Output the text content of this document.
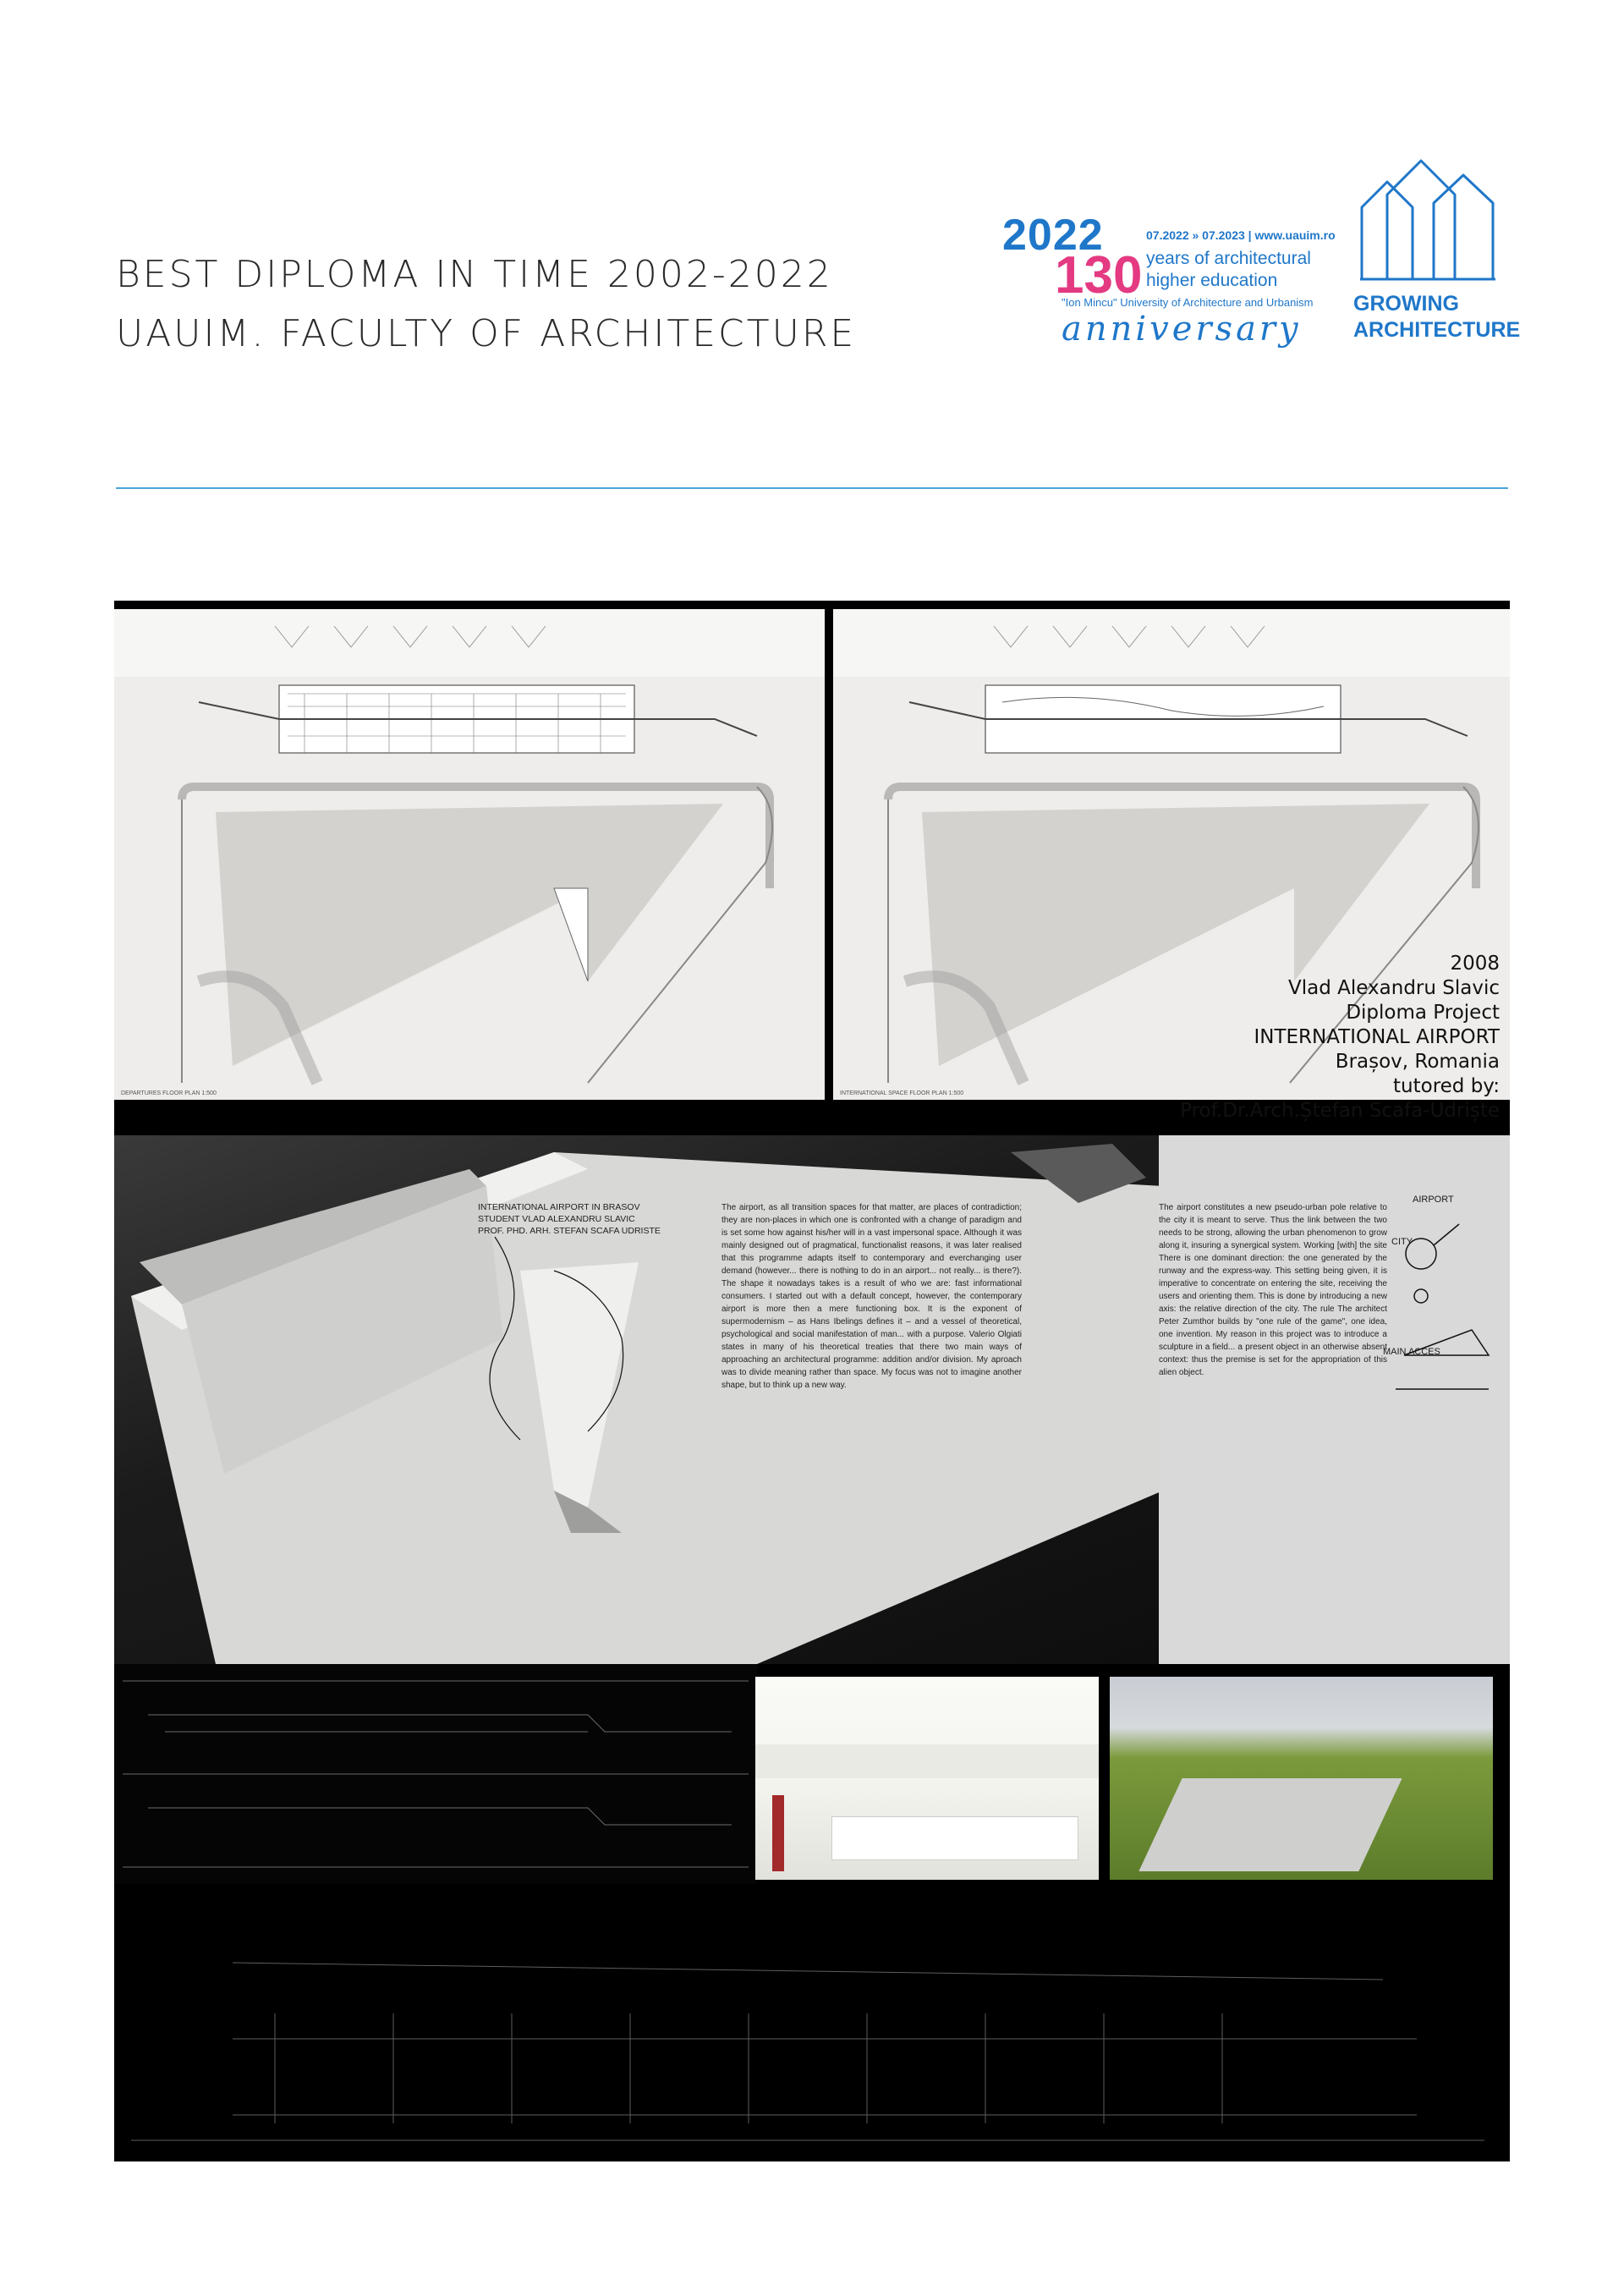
BEST DIPLOMA IN TIME 2002-2022
UAUIM. FACULTY OF ARCHITECTURE
2022
130
07.2022 » 07.2023 | www.uauim.ro
years of architectural
higher education
"Ion Mincu" University of Architecture and Urbanism
anniversary
GROWING
ARCHITECTURE
DEPARTURES FLOOR PLAN 1:500	INTERNATIONAL SPACE FLOOR PLAN 1:500
2008
Vlad Alexandru Slavic
Diploma Project
INTERNATIONAL AIRPORT
Brașov, Romania
tutored by:
Prof.Dr.Arch.Ștefan Scafa-Udriște
INTERNATIONAL AIRPORT IN BRASOV
STUDENT VLAD ALEXANDRU SLAVIC
PROF. PHD. ARH. STEFAN SCAFA UDRISTE
The airport, as all transition spaces for that matter, are places of contradiction; they are non-places in which one is confronted with a change of paradigm and is set some how against his/her will in a vast impersonal space. Although it was mainly designed out of pragmatical, functionalist reasons, it was later realised that this programme adapts itself to contemporary and everchanging user demand (however... there is nothing to do in an airport... not really... is there?). The shape it nowadays takes is a result of who we are: fast informational consumers. I started out with a default concept, however, the contemporary airport is more then a mere functioning box. It is the exponent of supermodernism – as Hans Ibelings defines it – and a vessel of theoretical, psychological and social manifestation of man... with a purpose. Valerio Olgiati states in many of his theoretical treaties that there two main ways of approaching an architectural programme: addition and/or division. My aproach was to divide meaning rather than space. My focus was not to imagine another shape, but to think up a new way.
The airport constitutes a new pseudo-urban pole relative to the city it is meant to serve. Thus the link between the two needs to be strong, allowing the urban phenomenon to grow along it, insuring a synergical system. Working [with] the site There is one dominant direction: the one generated by the runway and the express-way. This setting being given, it is imperative to concentrate on entering the site, receiving the users and orienting them. This is done by introducing a new axis: the relative direction of the city. The rule The architect Peter Zumthor builds by "one rule of the game", one idea, one invention. My reason in this project was to introduce a sculpture in a field... a present object in an otherwise absent context: thus the premise is set for the appropriation of this alien object.
AIRPORT
CITY
MAIN ACCES
